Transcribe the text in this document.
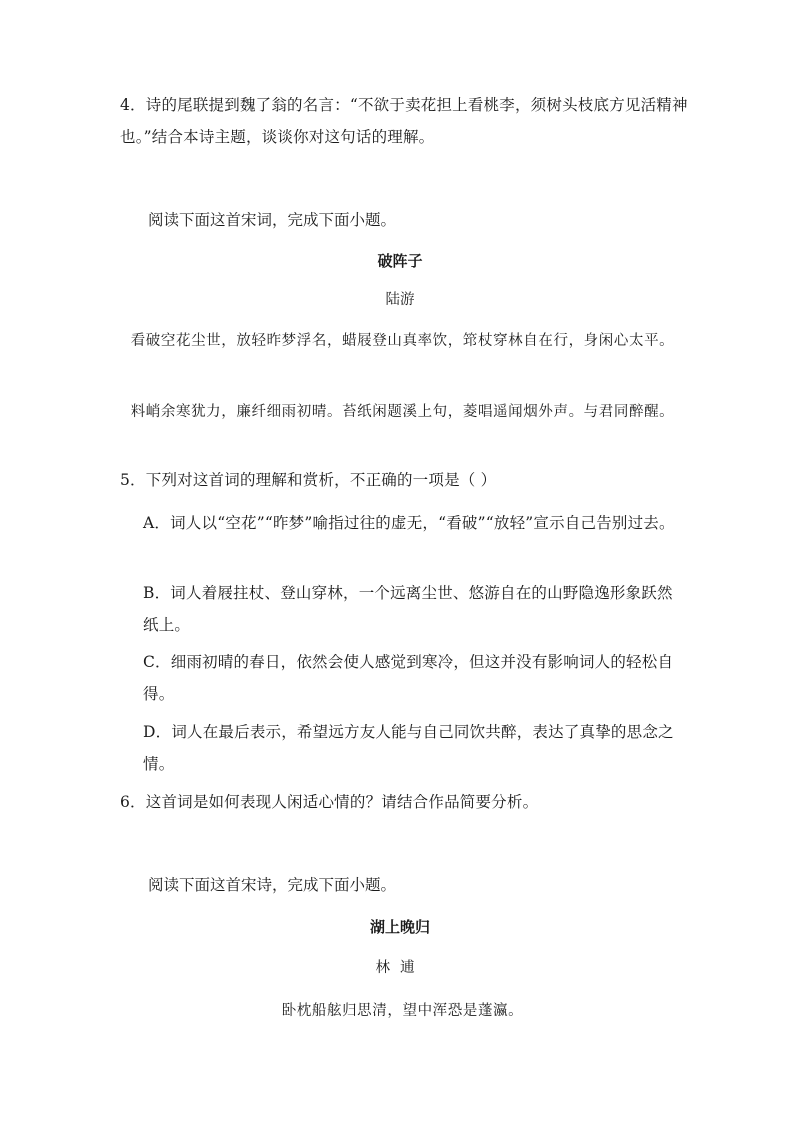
4．诗的尾联提到魏了翁的名言：“不欲于卖花担上看桃李，须树头枝底方见活精神也。”结合本诗主题，谈谈你对这句话的理解。
阅读下面这首宋词，完成下面小题。
破阵子
陆游
看破空花尘世，放轻昨梦浮名，蜡屐登山真率饮，筇杖穿林自在行，身闲心太平。
料峭余寒犹力，廉纤细雨初晴。苔纸闲题溪上句，菱唱遥闻烟外声。与君同醉醒。
5．下列对这首词的理解和赏析，不正确的一项是（ ）
A．词人以“空花”“昨梦”喻指过往的虚无，“看破”“放轻”宣示自己告别过去。
B．词人着屐拄杖、登山穿林，一个远离尘世、悠游自在的山野隐逸形象跃然纸上。
C．细雨初晴的春日，依然会使人感觉到寒冷，但这并没有影响词人的轻松自得。
D．词人在最后表示，希望远方友人能与自己同饮共醉，表达了真挚的思念之情。
6．这首词是如何表现人闲适心情的？请结合作品简要分析。
阅读下面这首宋诗，完成下面小题。
湖上晚归
林逋
卧枕船舷归思清，望中浑恐是蓬瀛。
